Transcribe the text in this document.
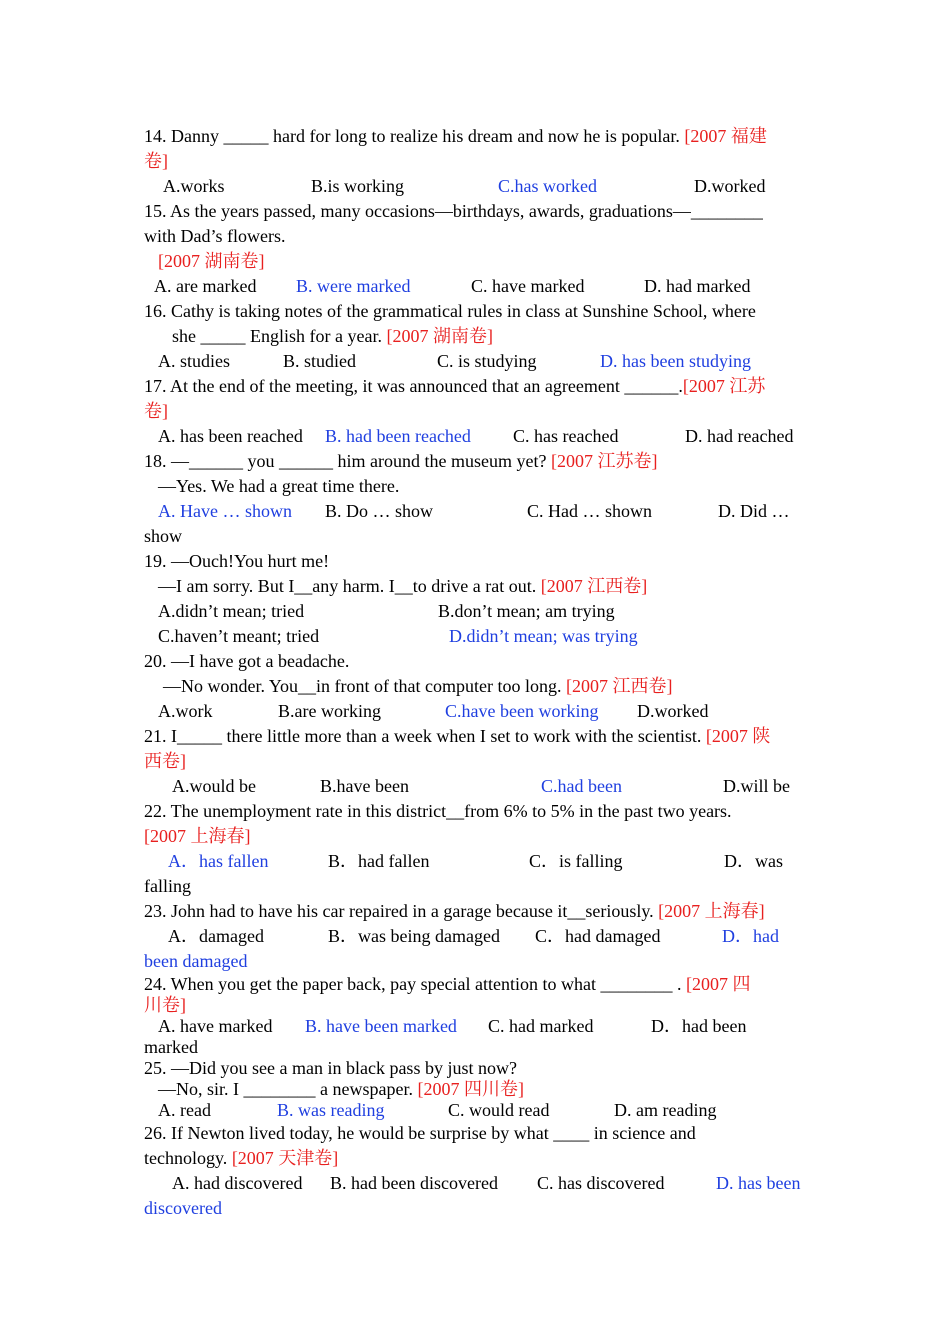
14. Danny _____ hard for long to realize his dream and now he is popular. [2007 福建
卷]
A.works	B.is working	C.has worked	D.worked
15. As the years passed, many occasions—birthdays, awards, graduations—________
with Dad’s flowers.
[2007 湖南卷]
A. are marked B. were marked	C. have marked	D. had marked
16. Cathy is taking notes of the grammatical rules in class at Sunshine School, where
she _____ English for a year. [2007 湖南卷]
A. studies	B. studied	C. is studying	D. has been studying
17. At the end of the meeting, it was announced that an agreement ______.[2007 江苏
卷]
A. has been reached B. had been reached C. has reached	D. had reached
18. —______ you ______ him around the museum yet? [2007 江苏卷]
—Yes. We had a great time there.
A. Have … shown B. Do … show	C. Had … shown	D. Did …
show
19. —Ouch!You hurt me!
—I am sorry. But I__any harm. I__to drive a rat out. [2007 江西卷]
A.didn’t mean; tried	B.don’t mean; am trying
C.haven’t meant; tried	D.didn’t mean; was trying
20. —I have got a beadache.
—No wonder. You__in front of that computer too long. [2007 江西卷]
A.work	B.are working	C.have been working D.worked
21. I_____ there little more than a week when I set to work with the scientist. [2007 陕
西卷]
A.would be	B.have been	C.had been	D.will be
22. The unemployment rate in this district__from 6% to 5% in the past two years.
[2007 上海春]
A．has fallen	B．had fallen	C．is falling	D．was
falling
23. John had to have his car repaired in a garage because it__seriously. [2007 上海春]
A．damaged	B．was being damaged C．had damaged	D．had
been damaged
24. When you get the paper back, pay special attention to what ________ . [2007 四
川卷]
A. have marked B. have been marked C. had marked	D．had been
marked
25. —Did you see a man in black pass by just now?
—No, sir. I ________ a newspaper. [2007 四川卷]
A. read	B. was reading	C. would read	D. am reading
26. If Newton lived today, he would be surprise by what ____ in science and
technology. [2007 天津卷]
A. had discovered B. had been discovered C. has discovered	D. has been
discovered
